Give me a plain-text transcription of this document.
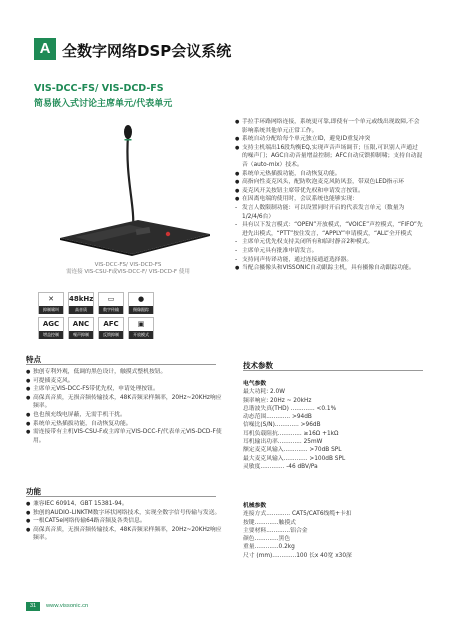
A 全数字网络DSP会议系统
VIS-DCC-FS/ VIS-DCD-FS
简易嵌入式讨论主席单元/代表单元
VIS-DCC-FS/ VIS-DCD-FS
需连接 VIS-CSU-F或VIS-DCC-F/ VIS-DCD-F 使用
✕
抑制啸叫
48kHz
高音质
▭
数字传输
●
摄像跟踪
AGC
增益控制
ANC
噪声抑制
AFC
反馈抑制
▣
开放模式
● 手拉手环路网络连接，系统更可靠,即使有一个单元或线出现故障,不会影响系统其他单元正常工作。
● 系统自动分配给每个单元独立ID，避免ID重复冲突
● 支持主机端出16段均衡EQ,实现声音声场调节；压限,可识别人声通过的噪声门；AGC自动音量增益控制；AFC自动反馈抑制啸；支持自动混音（auto-mix）技术。
● 系统单元热插拔功能，自动恢复功能。
● 高指向性麦克风头，配防吹泡麦克风防风套，带双色LED指示环
● 麦克风开关按钮主席带优先权和申请发言按钮。
● 在因离电端的使用时，会议系统也能够实现：
- 发言人数限制功能：可以设置同时开启的代表发言单元（数量为1/2/4/6台）
- 具有以下发言模式：“OPEN”开放模式，“VOICE”声控模式，“FIFO”先进先出模式，“PTT”按住发言，“APPLY”申请模式，“ALL”全开模式
- 主席单元优先权支持关闭所有和临时静音2种模式。
- 主席单元具有批准申请发言。
- 支持同声传译功能，通过连接通道选择器。
● 当配合摄像头和VISSONIC自动跟踪主机，具有摄像自动跟踪功能。
特点
● 独创专利外观，低调的黑色设计，触摸式整机按钮。
● 可提插麦克风。
● 主席单元VIS-DCC-FS带优先权，申请处理按钮。
● 高保真音质，无损音频传输技术，48K音频采样频率，20Hz~20KHz响应频率。
● 也也预充线电屏蔽，无需手机干扰。
● 系统单元热插拔功能，自动恢复功能。
● 需连接带有主机VIS-CSU-F或主席单元VIS-DCC-F/代表单元VIS-DCD-F使用。
功能
● 兼容IEC 60914、GBT 15381-94。
● 独创的AUDIO-LINKTM数字环状网络技术，实现全数字信号传输与发送。
● 一根CAT5e网络传输64路音频及各类信息。
● 高保真音质，无损音频传输技术，48K音频采样频率，20Hz~20KHz响应频率。
技术参数
电气参数
最大功耗: 2.0W
频率响应: 20Hz ~ 20kHz
总谐波失真(THD) ............. <0.1%
动态范围............. >94dB
信噪比(S/N)............. >96dB
耳机负载阻抗............. ≥16Ω +1kΩ
耳机输出功率............. 25mW
额定麦克风输入............. >70dB SPL
最大麦克风输入............. >100dB SPL
灵敏度............. -46 dBV/Pa
机械参数
连接方式............. CAT5/CAT6线缆+卡扣
按键.............触摸式
主要材料.............铝合金
颜色.............黑色
重量.............0.2kg
尺寸 (mm).............100 长x 40宽 x30深
31	www.vissonic.cn
